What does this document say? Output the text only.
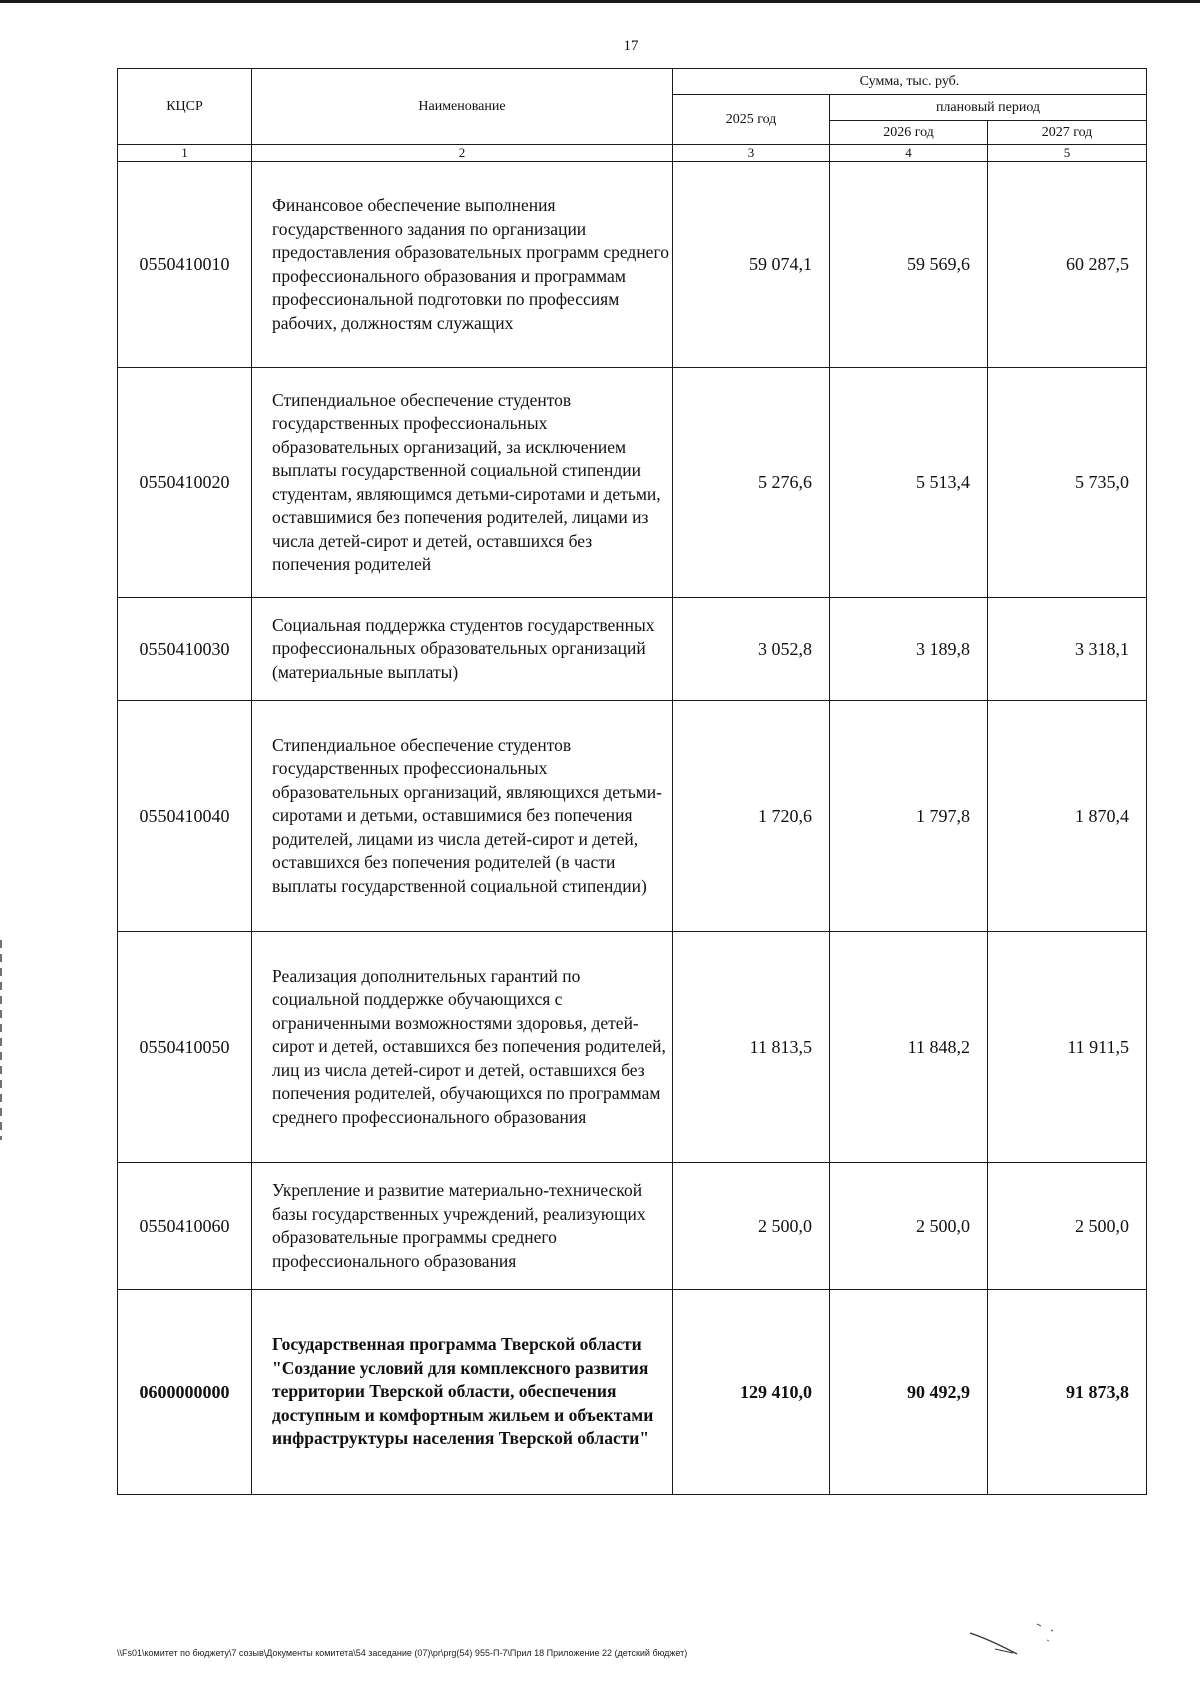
17
КЦСР	Наименование	Сумма, тыс. руб.		
		2025 год	плановый период	
			2026 год	2027 год
1	2	3	4	5
0550410010	Финансовое обеспечение выполнения государственного задания по организации предоставления образовательных программ среднего профессионального образования и программам профессиональной подготовки по профессиям рабочих, должностям служащих	59 074,1	59 569,6	60 287,5
0550410020	Стипендиальное обеспечение студентов государственных профессиональных образовательных организаций, за исключением выплаты государственной социальной стипендии студентам, являющимся детьми-сиротами и детьми, оставшимися без попечения родителей, лицами из числа детей-сирот и детей, оставшихся без попечения родителей	5 276,6	5 513,4	5 735,0
0550410030	Социальная поддержка студентов государственных профессиональных образовательных организаций (материальные выплаты)	3 052,8	3 189,8	3 318,1
0550410040	Стипендиальное обеспечение студентов государственных профессиональных образовательных организаций, являющихся детьми-сиротами и детьми, оставшимися без попечения родителей, лицами из числа детей-сирот и детей, оставшихся без попечения родителей (в части выплаты государственной социальной стипендии)	1 720,6	1 797,8	1 870,4
0550410050	Реализация дополнительных гарантий по социальной поддержке обучающихся с ограниченными возможностями здоровья, детей-сирот и детей, оставшихся без попечения родителей, лиц из числа детей-сирот и детей, оставшихся без попечения родителей, обучающихся по программам среднего профессионального образования	11 813,5	11 848,2	11 911,5
0550410060	Укрепление и развитие материально-технической базы государственных учреждений, реализующих образовательные программы среднего профессионального образования	2 500,0	2 500,0	2 500,0
0600000000	Государственная программа Тверской области "Создание условий для комплексного развития территории Тверской области, обеспечения доступным и комфортным жильем и объектами инфраструктуры населения Тверской области"	129 410,0	90 492,9	91 873,8
\\Fs01\комитет по бюджету\7 созыв\Документы комитета\54 заседание (07)\pr\prg(54) 955-П-7\Прил 18 Приложение 22 (детский бюджет)
